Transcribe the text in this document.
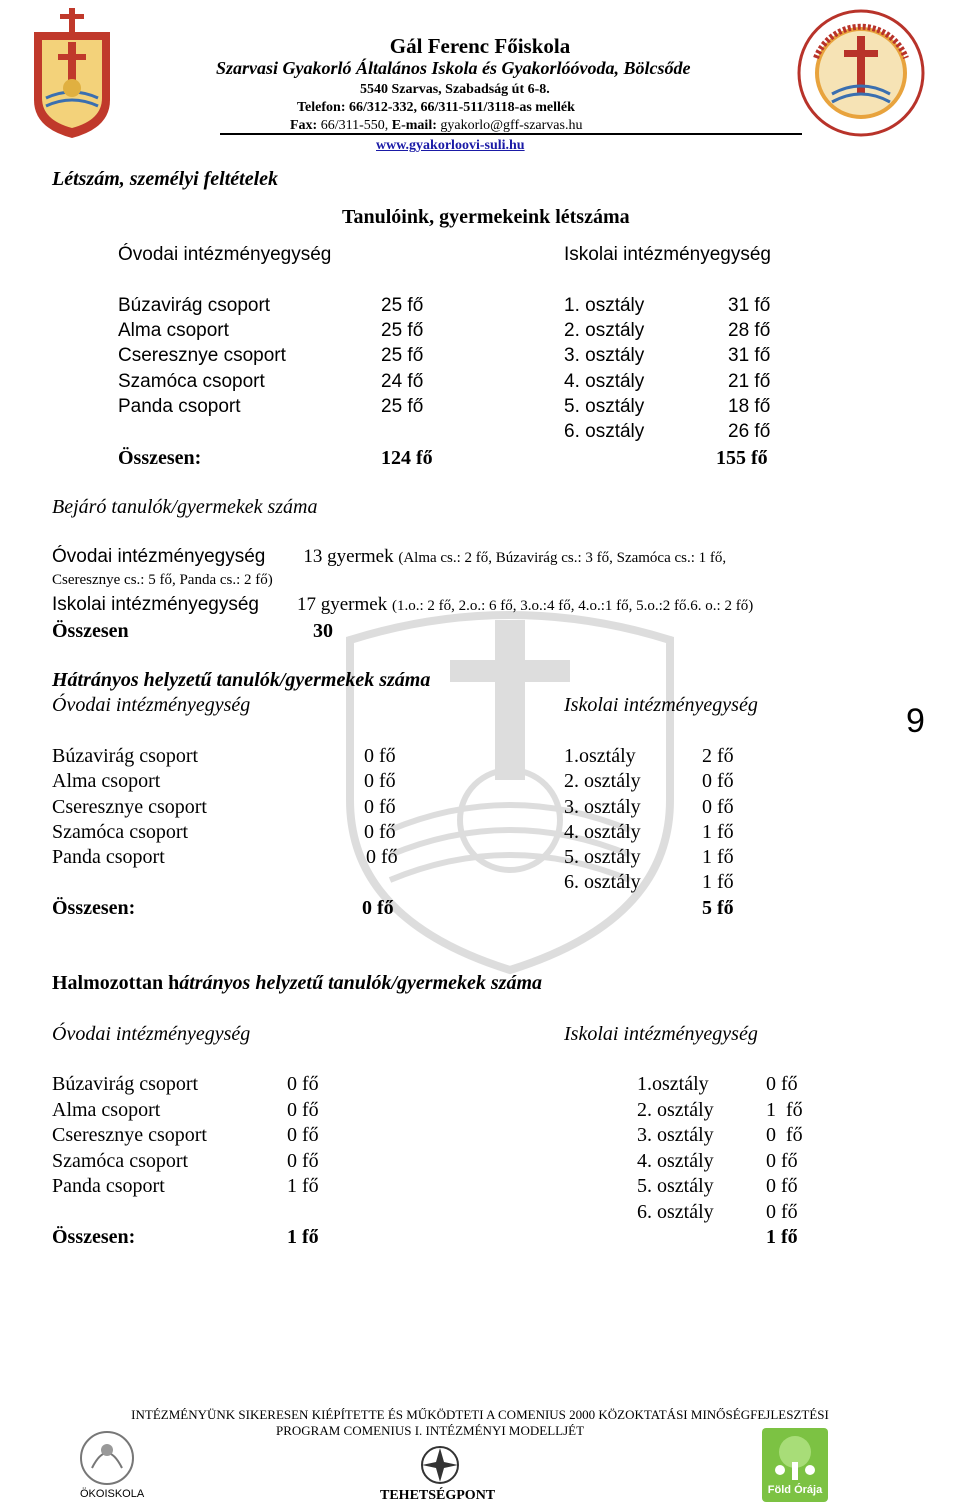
Gál Ferenc Főiskola
Szarvasi Gyakorló Általános Iskola és Gyakorlóóvoda, Bölcsőde
5540 Szarvas, Szabadság út 6-8.
Telefon: 66/312-332, 66/311-511/3118-as mellék
Fax: 66/311-550, E-mail: gyakorlo@gff-szarvas.hu
www.gyakorloovi-suli.hu
Létszám, személyi feltételek
Tanulóink, gyermekeink létszáma
Óvodai intézményegység	Iskolai intézményegység
Búzavirág csoport	25 fő
Alma csoport	25 fő
Cseresznye csoport	25 fő
Szamóca csoport	24 fő
Panda csoport	25 fő
1. osztály	31 fő
2. osztály	28 fő
3. osztály	31 fő
4. osztály	21 fő
5. osztály	18 fő
6. osztály	26 fő
Összesen:	124 fő	155 fő
Bejáró tanulók/gyermekek száma
Óvodai intézményegység 13 gyermek (Alma cs.: 2 fő, Búzavirág cs.: 3 fő, Szamóca cs.: 1 fő,
Cseresznye cs.: 5 fő, Panda cs.: 2 fő)
Iskolai intézményegység 17 gyermek (1.o.: 2 fő, 2.o.: 6 fő, 3.o.:4 fő, 4.o.:1 fő, 5.o.:2 fő.6. o.: 2 fő)
Összesen	30
Hátrányos helyzetű tanulók/gyermekek száma
Óvodai intézményegység	Iskolai intézményegység
Búzavirág csoport	0 fő
Alma csoport	0 fő
Cseresznye csoport	0 fő
Szamóca csoport	0 fő
Panda csoport	0 fő
1.osztály	2 fő
2. osztály	0 fő
3. osztály	0 fő
4. osztály	1 fő
5. osztály	1 fő
6. osztály	1 fő
Összesen:	0 fő	5 fő
9
Halmozottan hátrányos helyzetű tanulók/gyermekek száma
Óvodai intézményegység	Iskolai intézményegység
Búzavirág csoport	0 fő
Alma csoport	0 fő
Cseresznye csoport	0 fő
Szamóca csoport	0 fő
Panda csoport	1 fő
1.osztály	0 fő
2. osztály	1  fő
3. osztály	0  fő
4. osztály	0 fő
5. osztály	0 fő
6. osztály	0 fő
Összesen:	1 fő	1 fő
INTÉZMÉNYÜNK SIKERESEN KIÉPÍTETTE ÉS MŰKÖDTETI A COMENIUS 2000 KÖZOKTATÁSI MINŐSÉGFEJLESZTÉSI
PROGRAM COMENIUS I. INTÉZMÉNYI MODELLJÉT
ÖKOISKOLA	TEHETSÉGPONT	Föld Órája
